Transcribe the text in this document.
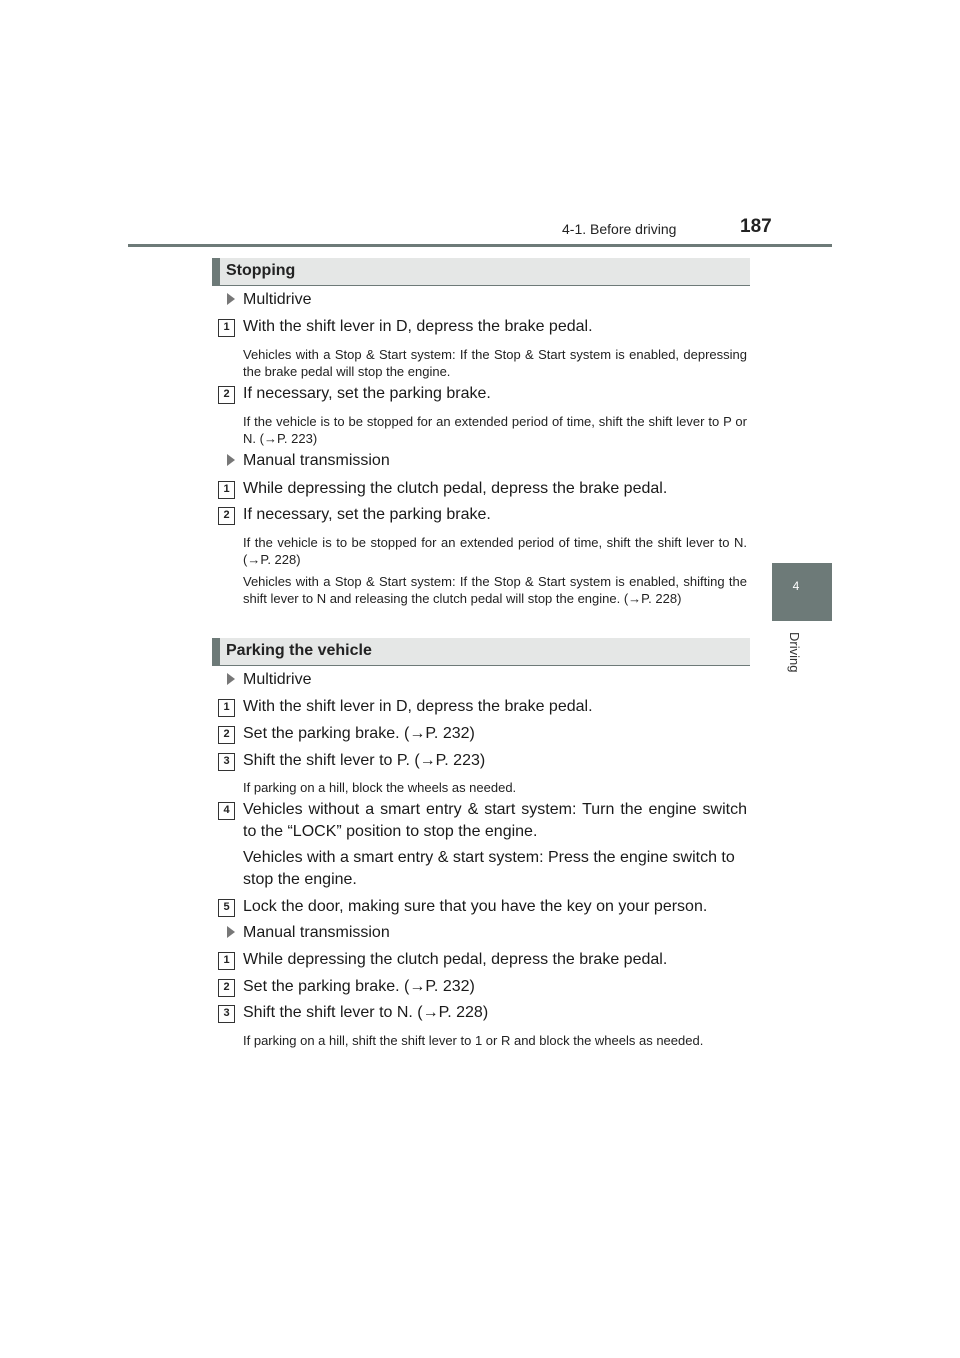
4-1. Before driving	187
4
Driving
Stopping
Multidrive
1 With the shift lever in D, depress the brake pedal.
Vehicles with a Stop & Start system: If the Stop & Start system is enabled, depressing the brake pedal will stop the engine.
2 If necessary, set the parking brake.
If the vehicle is to be stopped for an extended period of time, shift the shift lever to P or N. (→P. 223)
Manual transmission
1 While depressing the clutch pedal, depress the brake pedal.
2 If necessary, set the parking brake.
If the vehicle is to be stopped for an extended period of time, shift the shift lever to N. (→P. 228)
Vehicles with a Stop & Start system: If the Stop & Start system is enabled, shifting the shift lever to N and releasing the clutch pedal will stop the engine. (→P. 228)
Parking the vehicle
Multidrive
1 With the shift lever in D, depress the brake pedal.
2 Set the parking brake. (→P. 232)
3 Shift the shift lever to P. (→P. 223)
If parking on a hill, block the wheels as needed.
4 Vehicles without a smart entry & start system: Turn the engine switch to the “LOCK” position to stop the engine.
Vehicles with a smart entry & start system: Press the engine switch to stop the engine.
5 Lock the door, making sure that you have the key on your person.
Manual transmission
1 While depressing the clutch pedal, depress the brake pedal.
2 Set the parking brake. (→P. 232)
3 Shift the shift lever to N. (→P. 228)
If parking on a hill, shift the shift lever to 1 or R and block the wheels as needed.
